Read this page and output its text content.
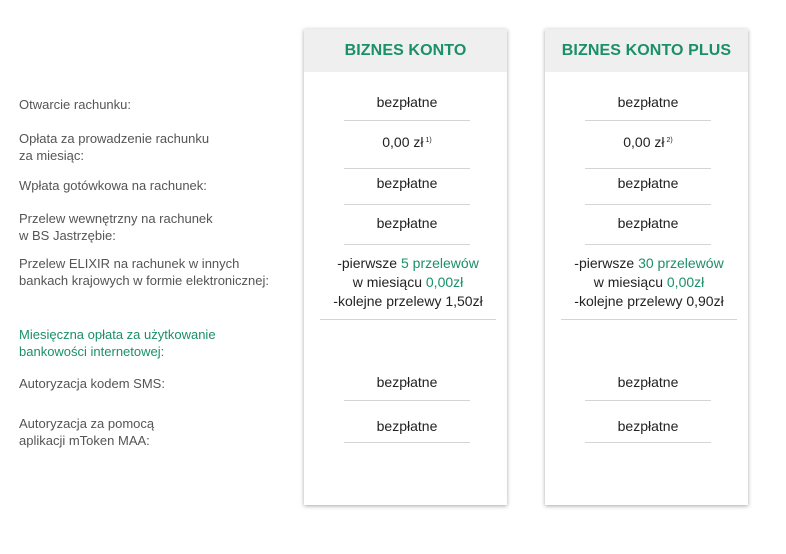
Otwarcie rachunku:
Opłata za prowadzenie rachunku
za miesiąc:
Wpłata gotówkowa na rachunek:
Przelew wewnętrzny na rachunek
w BS Jastrzębie:
Przelew ELIXIR na rachunek w innych
bankach krajowych w formie elektronicznej:
Miesięczna opłata za użytkowanie
bankowości internetowej:
Autoryzacja kodem SMS:
Autoryzacja za pomocą
aplikacji mToken MAA:
BIZNES KONTO
bezpłatne
0,00 zł $^{1)}$
bezpłatne
bezpłatne
-pierwsze 5 przelewów
w miesiącu 0,00zł
-kolejne przelewy 1,50zł
bezpłatne
bezpłatne
BIZNES KONTO PLUS
bezpłatne
0,00 zł $^{2)}$
bezpłatne
bezpłatne
-pierwsze 30 przelewów
w miesiącu 0,00zł
-kolejne przelewy 0,90zł
bezpłatne
bezpłatne
